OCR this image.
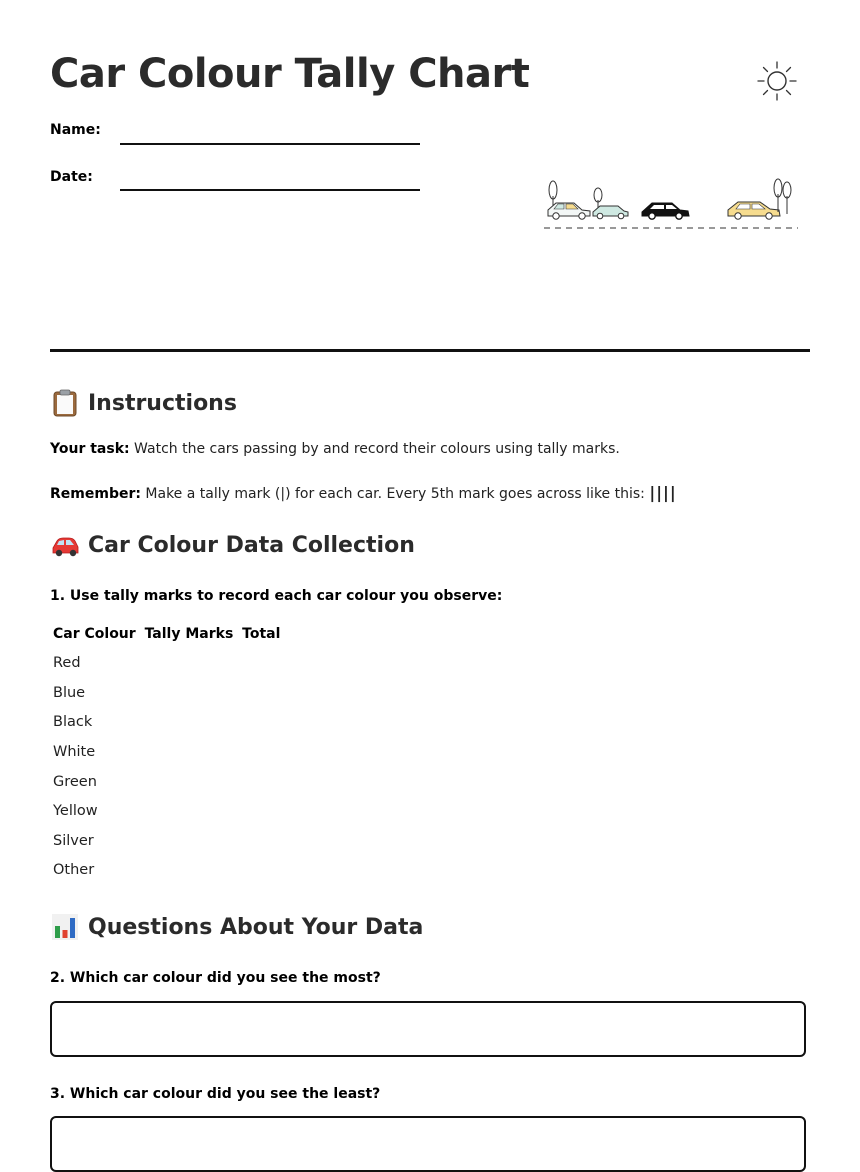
Car Colour Tally Chart
Name:
Date:
Instructions
Your task: Watch the cars passing by and record their colours using tally marks.
Remember: Make a tally mark (|) for each car. Every 5th mark goes across like this: ||||
Car Colour Data Collection
1. Use tally marks to record each car colour you observe:
Car Colour Tally Marks Total
Red
Blue
Black
White
Green
Yellow
Silver
Other
Questions About Your Data
2. Which car colour did you see the most?
3. Which car colour did you see the least?
